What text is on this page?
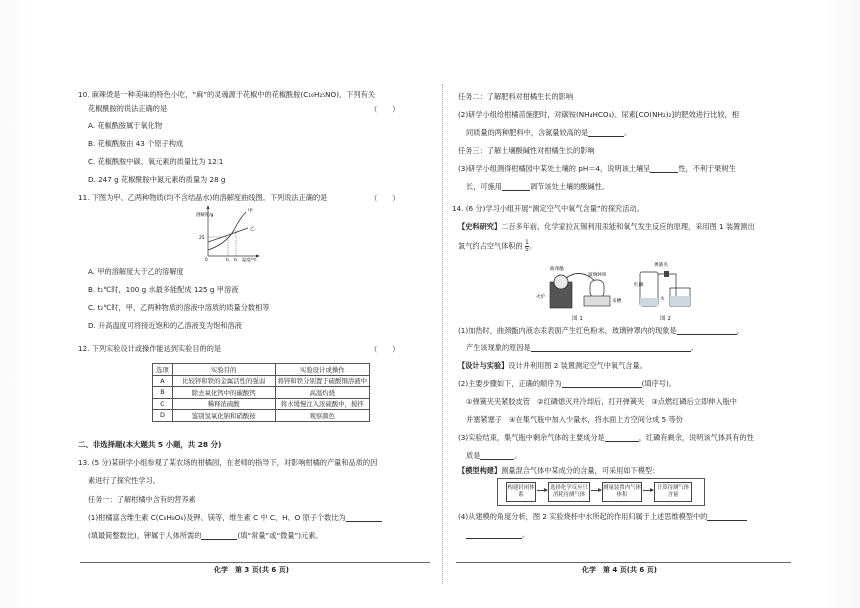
10. 麻辣烫是一种美味的特色小吃，“麻”的灵魂源于花椒中的花椒酰胺(C₁₆H₂₅NO)，下列有关
花椒酰胺的说法正确的是	（　　）
A. 花椒酰胺属于氧化物
B. 花椒酰胺由 43 个原子构成
C. 花椒酰胺中碳、氧元素的质量比为 12∶1
D. 247 g 花椒酰胺中氮元素的质量为 28 g
11. 下图为甲、乙两种物质(均不含结晶水)的溶解度曲线图。下列说法正确的是	（　　）
溶解度/g
25
0	t₁ t₂ 温度/℃
甲
乙
A. 甲的溶解度大于乙的溶解度
B. t₁℃时，100 g 水最多能配成 125 g 甲溶液
C. t₂℃时，甲、乙两种物质的溶液中溶质的质量分数相等
D. 升高温度可将接近饱和的乙溶液变为饱和溶液
12. 下列实验设计或操作能达到实验目的的是	（　　）
选项	实验目的	实验设计或操作
A	比较锌和铁的金属活性的强弱	将锌和铁分别置于硫酸铜溶液中
B	除去氧化钙中的碳酸钙	高温灼烧
C	稀释浓硫酸	将水缓慢注入浓硫酸中，搅拌
D	鉴别氢氧化钠和硝酸铵	观察颜色
二、非选择题(本大题共 5 小题，共 28 分)
13. (5 分)某研学小组参观了某农场的柑橘园，在老师的指导下，对影响柑橘的产量和品质的因
素进行了探究性学习。
任务一：了解柑橘中含有的营养素
(1)柑橘富含维生素 C(C₆H₈O₆)及钾、镁等，维生素 C 中 C、H、O 原子个数比为
(填最简整数比)，钾属于人体所需的	(填“常量”或“微量”)元素。
化学　第 3 页(共 6 页)
任务二：了解肥料对柑橘生长的影响
(2)研学小组给柑橘苗施肥时，对碳铵(NH₄HCO₃)、尿素[CO(NH₂)₂]的肥效进行比较，相
同质量的两种肥料中，含氮量较高的是	。
任务三：了解土壤酸碱性对柑橘生长的影响
(3)研学小组测得柑橘园中某处土壤的 pH＝4，说明该土壤呈	性，不利于果树生
长，可施用	调节该处土壤的酸碱性。
14. (6 分)学习小组开展“测定空气中氧气含量”的探究活动。
【史料研究】二百多年前，化学家拉瓦锡利用汞能和氧气发生反应的原理，采用图 1 装置测出
氧气约占空气体积的 $\frac{1}{5}$ 。
曲颈甑
玻璃钟罩
汞槽
火炉
图 1
弹簧夹
红磷
水
图 2
(1)加热时，曲颈甑内液态汞表面产生红色粉末，玻璃钟罩内的现象是	，
产生该现象的原因是	。
【设计与实验】设计并利用图 2 装置测定空气中氧气含量。
(2)主要步骤如下，正确的顺序为	(填序号)。
①弹簧夹夹紧胶皮管　②红磷熄灭并冷却后，打开弹簧夹　③点燃红磷后立即伸入瓶中
并塞紧塞子　④在集气瓶中加入少量水，将水面上方空间分成 5 等份
(3)实验结束，集气瓶中剩余气体的主要成分是	，红磷有剩余，说明该气体具有的性
质是	。
【模型构建】测量混合气体中某成分的含量，可采用如下模型：
构建封闭体系
选择化学反应只消耗待测气体
测量装置内气体体积
计算待测气体含量
(4)从建模的角度分析，图 2 实验烧杯中水所起的作用归属于上述思维模型中的
。
化学　第 4 页(共 6 页)
